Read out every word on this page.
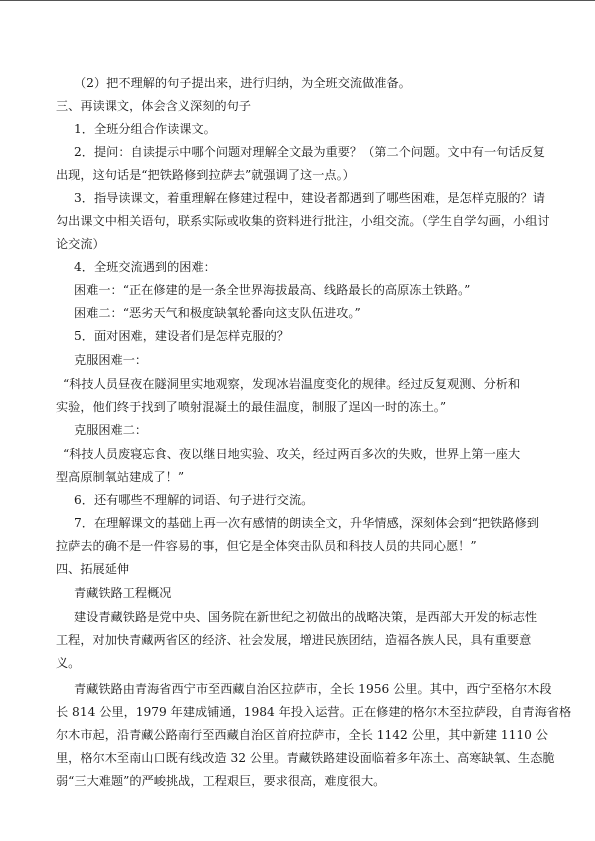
（2）把不理解的句子提出来，进行归纳，为全班交流做准备。
三、再读课文，体会含义深刻的句子
1．全班分组合作读课文。
2．提问：自读提示中哪个问题对理解全文最为重要？（第二个问题。文中有一句话反复
出现，这句话是“把铁路修到拉萨去”就强调了这一点。）
3．指导读课文，着重理解在修建过程中，建设者都遇到了哪些困难，是怎样克服的？请
勾出课文中相关语句，联系实际或收集的资料进行批注，小组交流。（学生自学勾画，小组讨
论交流）
4．全班交流遇到的困难：
困难一：“正在修建的是一条全世界海拔最高、线路最长的高原冻土铁路。”
困难二：“恶劣天气和极度缺氧轮番向这支队伍进攻。”
5．面对困难，建设者们是怎样克服的？
克服困难一：
“科技人员昼夜在隧洞里实地观察，发现冰岩温度变化的规律。经过反复观测、分析和
实验，他们终于找到了喷射混凝土的最佳温度，制服了逞凶一时的冻土。”
克服困难二：
“科技人员废寝忘食、夜以继日地实验、攻关，经过两百多次的失败，世界上第一座大
型高原制氧站建成了！”
6．还有哪些不理解的词语、句子进行交流。
7．在理解课文的基础上再一次有感情的朗读全文，升华情感，深刻体会到“把铁路修到
拉萨去的确不是一件容易的事，但它是全体突击队员和科技人员的共同心愿！”
四、拓展延伸
青藏铁路工程概况
建设青藏铁路是党中央、国务院在新世纪之初做出的战略决策，是西部大开发的标志性
工程，对加快青藏两省区的经济、社会发展，增进民族团结，造福各族人民，具有重要意
义。
青藏铁路由青海省西宁市至西藏自治区拉萨市，全长 1956 公里。其中，西宁至格尔木段
长 814 公里，1979 年建成铺通，1984 年投入运营。正在修建的格尔木至拉萨段，自青海省格
尔木市起，沿青藏公路南行至西藏自治区首府拉萨市，全长 1142 公里，其中新建 1110 公
里，格尔木至南山口既有线改造 32 公里。青藏铁路建设面临着多年冻土、高寒缺氧、生态脆
弱“三大难题”的严峻挑战，工程艰巨，要求很高，难度很大。
